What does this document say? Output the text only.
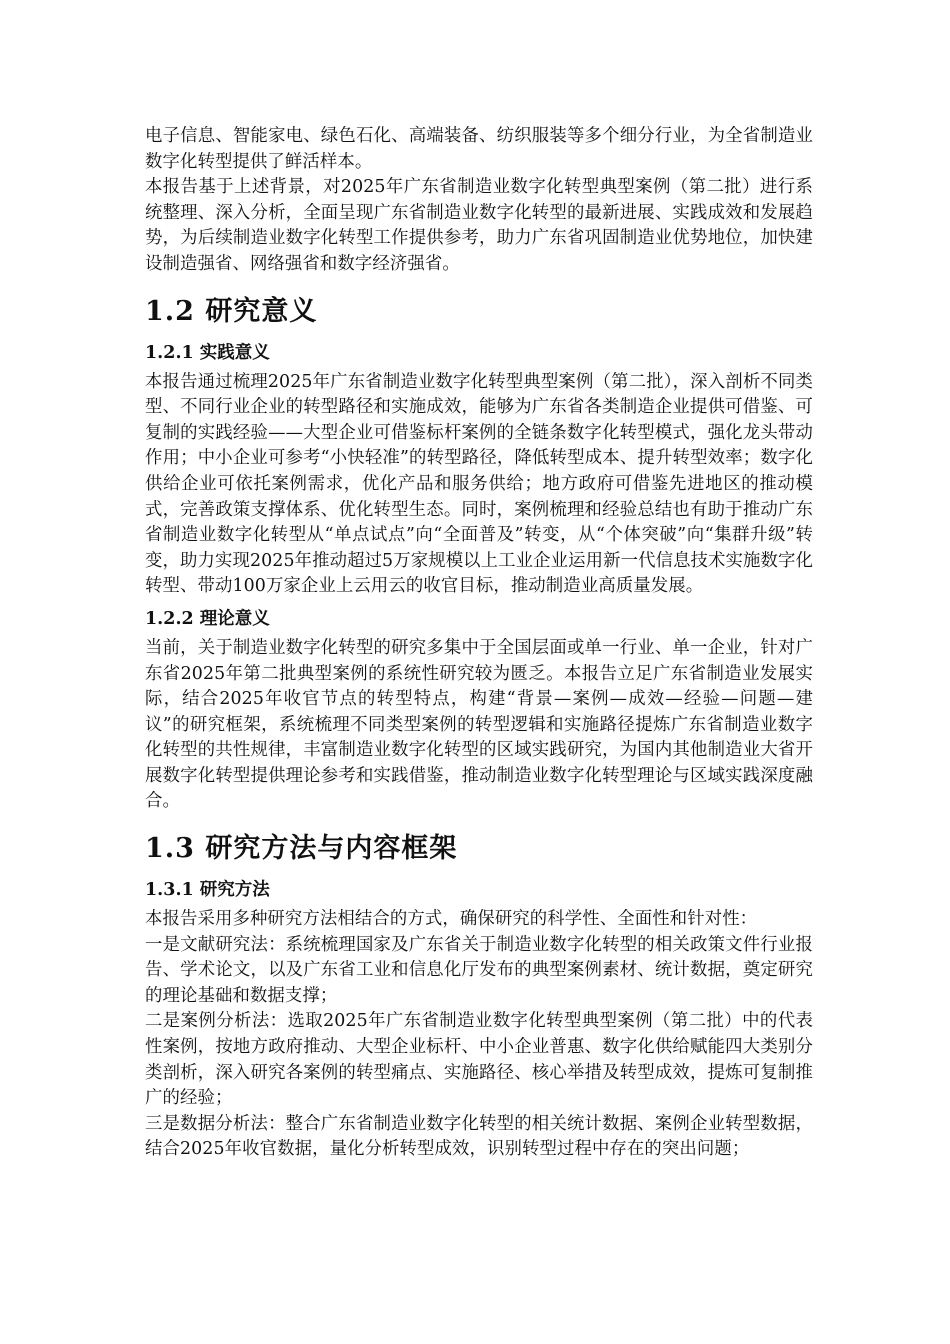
电子信息、智能家电、绿色石化、高端装备、纺织服装等多个细分行业，为全省制造业数字化转型提供了鲜活样本。

本报告基于上述背景，对2025年广东省制造业数字化转型典型案例（第二批）进行系统整理、深入分析，全面呈现广东省制造业数字化转型的最新进展、实践成效和发展趋势，为后续制造业数字化转型工作提供参考，助力广东省巩固制造业优势地位，加快建设制造强省、网络强省和数字经济强省。

1.2 研究意义
1.2.1 实践意义

本报告通过梳理2025年广东省制造业数字化转型典型案例（第二批），深入剖析不同类型、不同行业企业的转型路径和实施成效，能够为广东省各类制造企业提供可借鉴、可复制的实践经验——大型企业可借鉴标杆案例的全链条数字化转型模式，强化龙头带动作用；中小企业可参考“小快轻准”的转型路径，降低转型成本、提升转型效率；数字化供给企业可依托案例需求，优化产品和服务供给；地方政府可借鉴先进地区的推动模式，完善政策支撑体系、优化转型生态。同时，案例梳理和经验总结也有助于推动广东省制造业数字化转型从“单点试点”向“全面普及”转变，从“个体突破”向“集群升级”转变，助力实现2025年推动超过5万家规模以上工业企业运用新一代信息技术实施数字化转型、带动100万家企业上云用云的收官目标，推动制造业高质量发展。

1.2.2 理论意义

当前，关于制造业数字化转型的研究多集中于全国层面或单一行业、单一企业，针对广东省2025年第二批典型案例的系统性研究较为匮乏。本报告立足广东省制造业发展实际，结合2025年收官节点的转型特点，构建“背景—案例—成效—经验—问题—建议”的研究框架，系统梳理不同类型案例的转型逻辑和实施路径提炼广东省制造业数字化转型的共性规律，丰富制造业数字化转型的区域实践研究，为国内其他制造业大省开展数字化转型提供理论参考和实践借鉴，推动制造业数字化转型理论与区域实践深度融合。

1.3 研究方法与内容框架
1.3.1 研究方法

本报告采用多种研究方法相结合的方式，确保研究的科学性、全面性和针对性：

一是文献研究法：系统梳理国家及广东省关于制造业数字化转型的相关政策文件行业报告、学术论文，以及广东省工业和信息化厅发布的典型案例素材、统计数据，奠定研究的理论基础和数据支撑；

二是案例分析法：选取2025年广东省制造业数字化转型典型案例（第二批）中的代表性案例，按地方政府推动、大型企业标杆、中小企业普惠、数字化供给赋能四大类别分类剖析，深入研究各案例的转型痛点、实施路径、核心举措及转型成效，提炼可复制推广的经验；

三是数据分析法：整合广东省制造业数字化转型的相关统计数据、案例企业转型数据，结合2025年收官数据，量化分析转型成效，识别转型过程中存在的突出问题；
